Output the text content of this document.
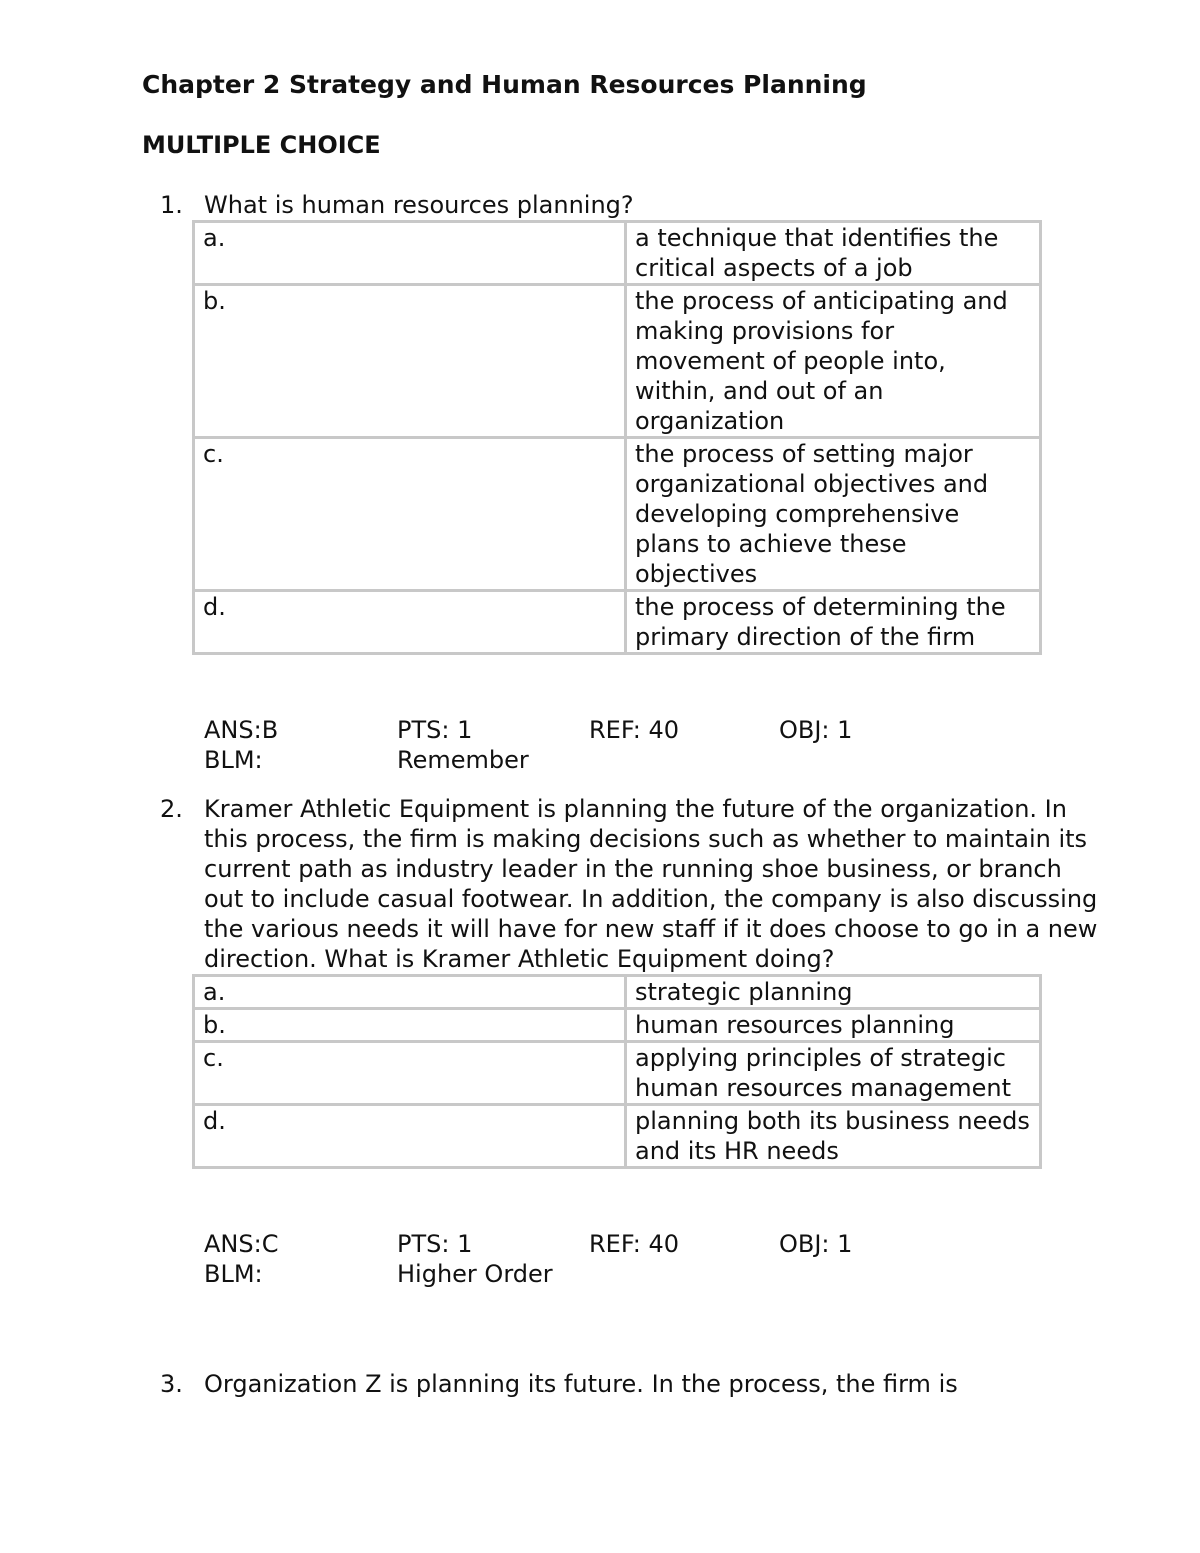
Chapter 2 Strategy and Human Resources Planning
MULTIPLE CHOICE
1. What is human resources planning?
a.	a technique that identifies the critical aspects of a job
b.	the process of anticipating and making provisions for movement of people into, within, and out of an organization
c.	the process of setting major organizational objectives and developing comprehensive plans to achieve these objectives
d.	the process of determining the primary direction of the firm
ANS:B	PTS: 1	REF: 40	OBJ: 1
BLM:	Remember
2. Kramer Athletic Equipment is planning the future of the organization. In this process, the firm is making decisions such as whether to maintain its current path as industry leader in the running shoe business, or branch out to include casual footwear. In addition, the company is also discussing the various needs it will have for new staff if it does choose to go in a new direction. What is Kramer Athletic Equipment doing?
a.	strategic planning
b.	human resources planning
c.	applying principles of strategic human resources management
d.	planning both its business needs and its HR needs
ANS:C	PTS: 1	REF: 40	OBJ: 1
BLM:	Higher Order
3. Organization Z is planning its future. In the process, the firm is
